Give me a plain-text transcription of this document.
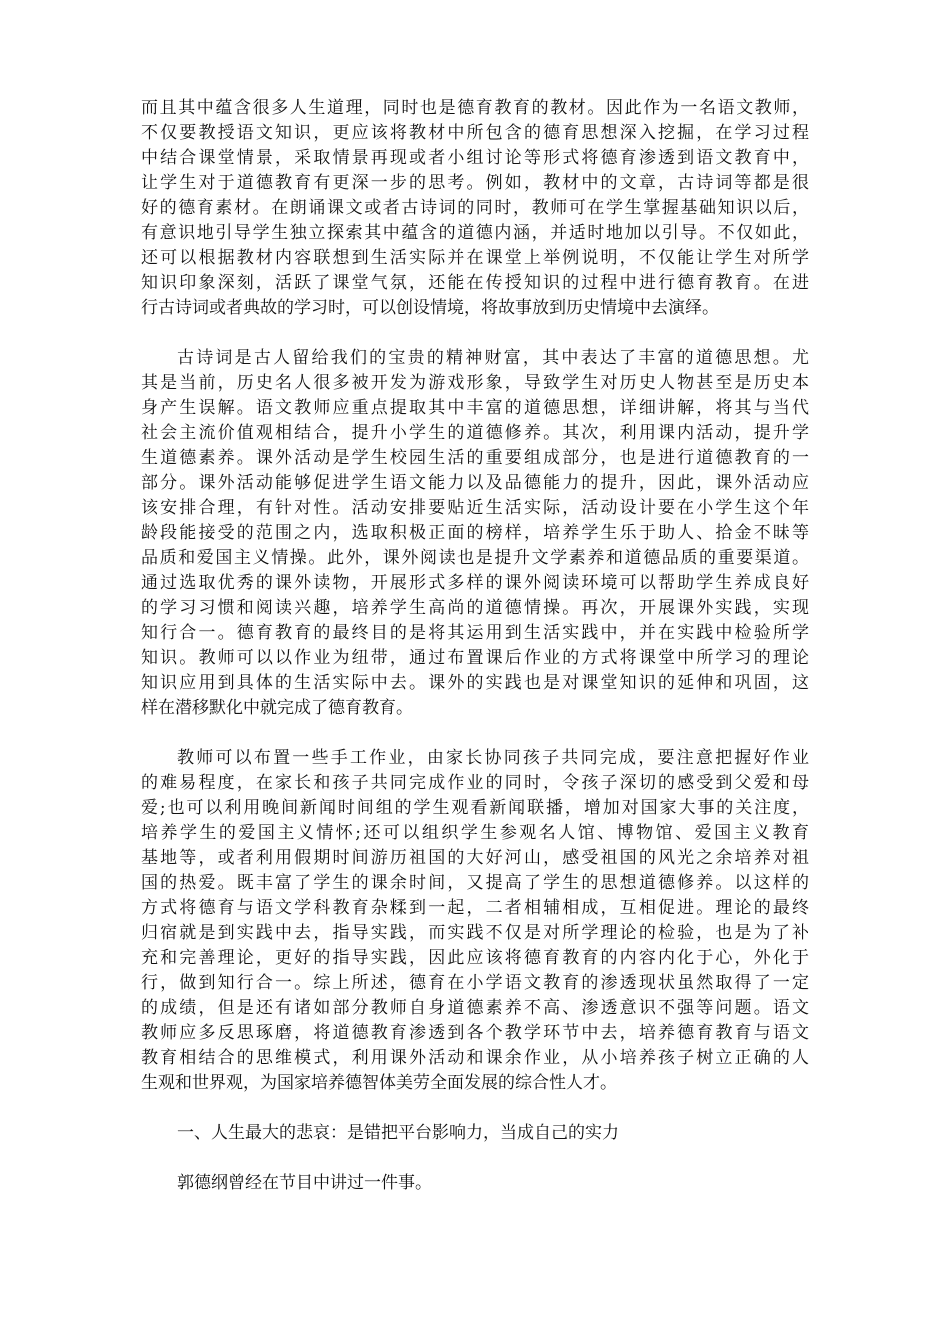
而且其中蕴含很多人生道理，同时也是德育教育的教材。因此作为一名语文教师，
不仅要教授语文知识，更应该将教材中所包含的德育思想深入挖掘，在学习过程
中结合课堂情景，采取情景再现或者小组讨论等形式将德育渗透到语文教育中，
让学生对于道德教育有更深一步的思考。例如，教材中的文章，古诗词等都是很
好的德育素材。在朗诵课文或者古诗词的同时，教师可在学生掌握基础知识以后，
有意识地引导学生独立探索其中蕴含的道德内涵，并适时地加以引导。不仅如此，
还可以根据教材内容联想到生活实际并在课堂上举例说明，不仅能让学生对所学
知识印象深刻，活跃了课堂气氛，还能在传授知识的过程中进行德育教育。在进
行古诗词或者典故的学习时，可以创设情境，将故事放到历史情境中去演绎。
古诗词是古人留给我们的宝贵的精神财富，其中表达了丰富的道德思想。尤
其是当前，历史名人很多被开发为游戏形象，导致学生对历史人物甚至是历史本
身产生误解。语文教师应重点提取其中丰富的道德思想，详细讲解，将其与当代
社会主流价值观相结合，提升小学生的道德修养。其次，利用课内活动，提升学
生道德素养。课外活动是学生校园生活的重要组成部分，也是进行道德教育的一
部分。课外活动能够促进学生语文能力以及品德能力的提升，因此，课外活动应
该安排合理，有针对性。活动安排要贴近生活实际，活动设计要在小学生这个年
龄段能接受的范围之内，选取积极正面的榜样，培养学生乐于助人、拾金不昧等
品质和爱国主义情操。此外，课外阅读也是提升文学素养和道德品质的重要渠道。
通过选取优秀的课外读物，开展形式多样的课外阅读环境可以帮助学生养成良好
的学习习惯和阅读兴趣，培养学生高尚的道德情操。再次，开展课外实践，实现
知行合一。德育教育的最终目的是将其运用到生活实践中，并在实践中检验所学
知识。教师可以以作业为纽带，通过布置课后作业的方式将课堂中所学习的理论
知识应用到具体的生活实际中去。课外的实践也是对课堂知识的延伸和巩固，这
样在潜移默化中就完成了德育教育。
教师可以布置一些手工作业，由家长协同孩子共同完成，要注意把握好作业
的难易程度，在家长和孩子共同完成作业的同时，令孩子深切的感受到父爱和母
爱;也可以利用晚间新闻时间组的学生观看新闻联播，增加对国家大事的关注度，
培养学生的爱国主义情怀;还可以组织学生参观名人馆、博物馆、爱国主义教育
基地等，或者利用假期时间游历祖国的大好河山，感受祖国的风光之余培养对祖
国的热爱。既丰富了学生的课余时间，又提高了学生的思想道德修养。以这样的
方式将德育与语文学科教育杂糅到一起，二者相辅相成，互相促进。理论的最终
归宿就是到实践中去，指导实践，而实践不仅是对所学理论的检验，也是为了补
充和完善理论，更好的指导实践，因此应该将德育教育的内容内化于心，外化于
行，做到知行合一。综上所述，德育在小学语文教育的渗透现状虽然取得了一定
的成绩，但是还有诸如部分教师自身道德素养不高、渗透意识不强等问题。语文
教师应多反思琢磨，将道德教育渗透到各个教学环节中去，培养德育教育与语文
教育相结合的思维模式，利用课外活动和课余作业，从小培养孩子树立正确的人
生观和世界观，为国家培养德智体美劳全面发展的综合性人才。
一、人生最大的悲哀：是错把平台影响力，当成自己的实力
郭德纲曾经在节目中讲过一件事。
